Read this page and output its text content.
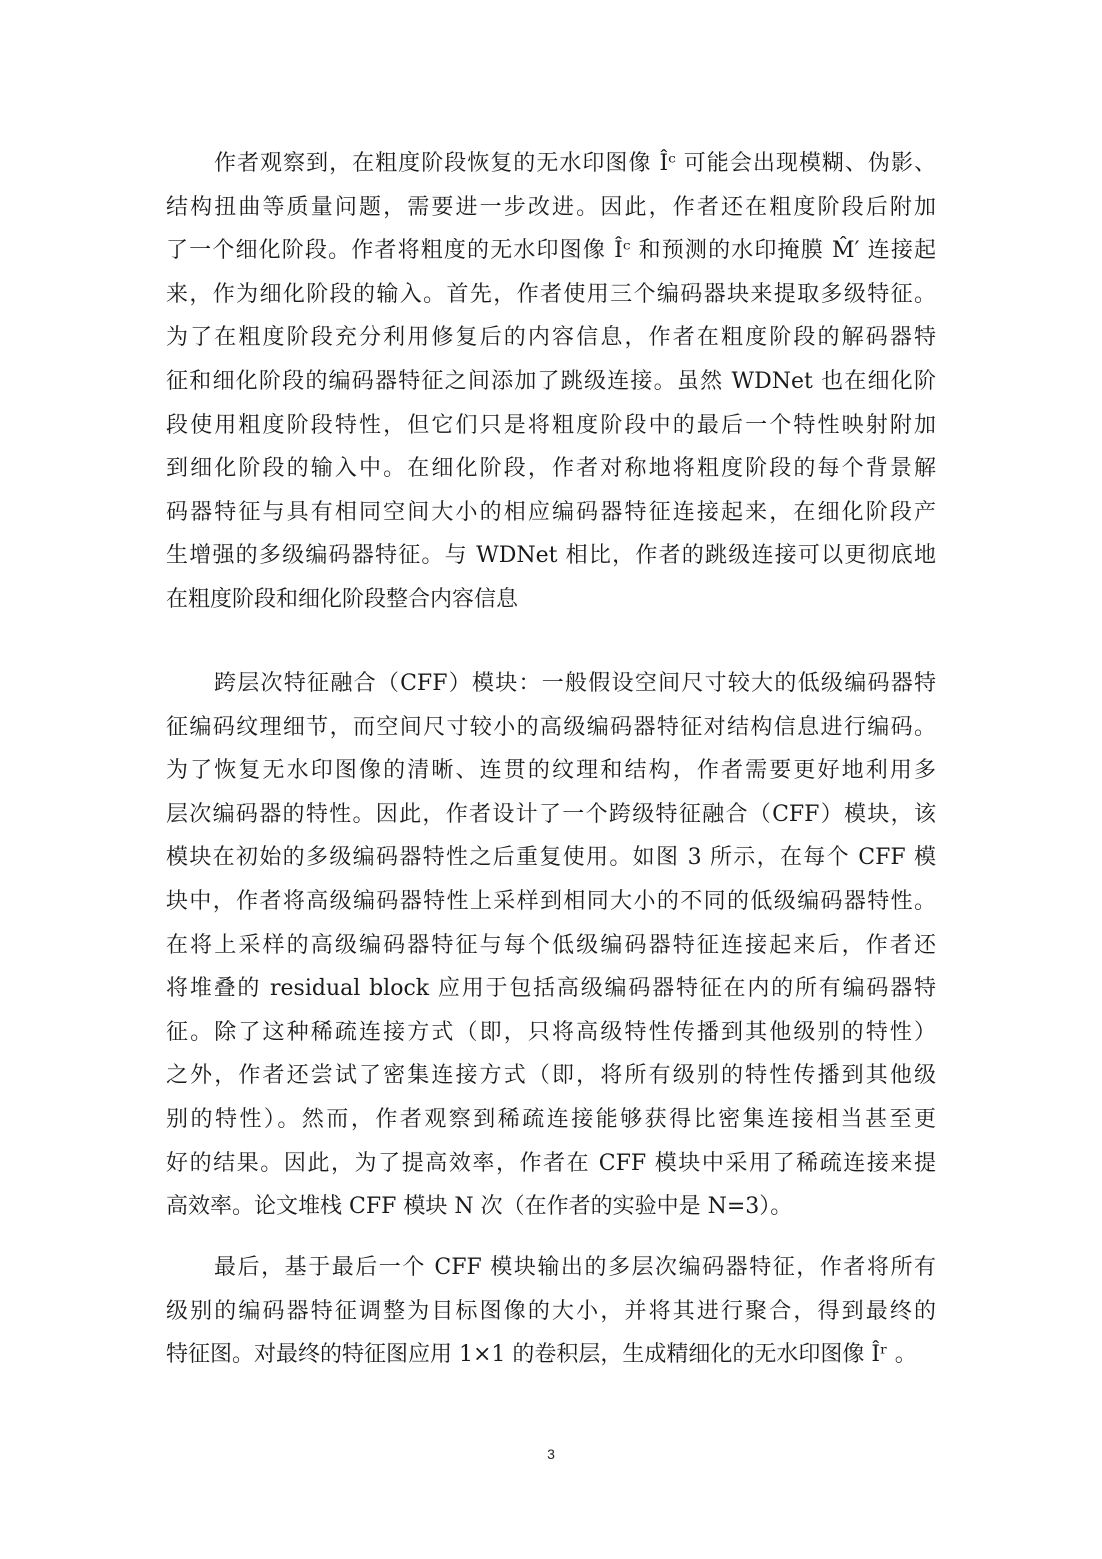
作者观察到，在粗度阶段恢复的无水印图像 Îᶜ 可能会出现模糊、伪影、
结构扭曲等质量问题，需要进一步改进。因此，作者还在粗度阶段后附加
了一个细化阶段。作者将粗度的无水印图像 Îᶜ 和预测的水印掩膜 M̂′ 连接起
来，作为细化阶段的输入。首先，作者使用三个编码器块来提取多级特征。
为了在粗度阶段充分利用修复后的内容信息，作者在粗度阶段的解码器特
征和细化阶段的编码器特征之间添加了跳级连接。虽然 WDNet 也在细化阶
段使用粗度阶段特性，但它们只是将粗度阶段中的最后一个特性映射附加
到细化阶段的输入中。在细化阶段，作者对称地将粗度阶段的每个背景解
码器特征与具有相同空间大小的相应编码器特征连接起来，在细化阶段产
生增强的多级编码器特征。与 WDNet 相比，作者的跳级连接可以更彻底地
在粗度阶段和细化阶段整合内容信息
跨层次特征融合（CFF）模块：一般假设空间尺寸较大的低级编码器特
征编码纹理细节，而空间尺寸较小的高级编码器特征对结构信息进行编码。
为了恢复无水印图像的清晰、连贯的纹理和结构，作者需要更好地利用多
层次编码器的特性。因此，作者设计了一个跨级特征融合（CFF）模块，该
模块在初始的多级编码器特性之后重复使用。如图 3 所示，在每个 CFF 模
块中，作者将高级编码器特性上采样到相同大小的不同的低级编码器特性。
在将上采样的高级编码器特征与每个低级编码器特征连接起来后，作者还
将堆叠的 residual block 应用于包括高级编码器特征在内的所有编码器特
征。除了这种稀疏连接方式（即，只将高级特性传播到其他级别的特性）
之外，作者还尝试了密集连接方式（即，将所有级别的特性传播到其他级
别的特性）。然而，作者观察到稀疏连接能够获得比密集连接相当甚至更
好的结果。因此，为了提高效率，作者在 CFF 模块中采用了稀疏连接来提
高效率。论文堆栈 CFF 模块 N 次（在作者的实验中是 N=3）。
最后，基于最后一个 CFF 模块输出的多层次编码器特征，作者将所有
级别的编码器特征调整为目标图像的大小，并将其进行聚合，得到最终的
特征图。对最终的特征图应用 1×1 的卷积层，生成精细化的无水印图像 Îʳ 。
3
